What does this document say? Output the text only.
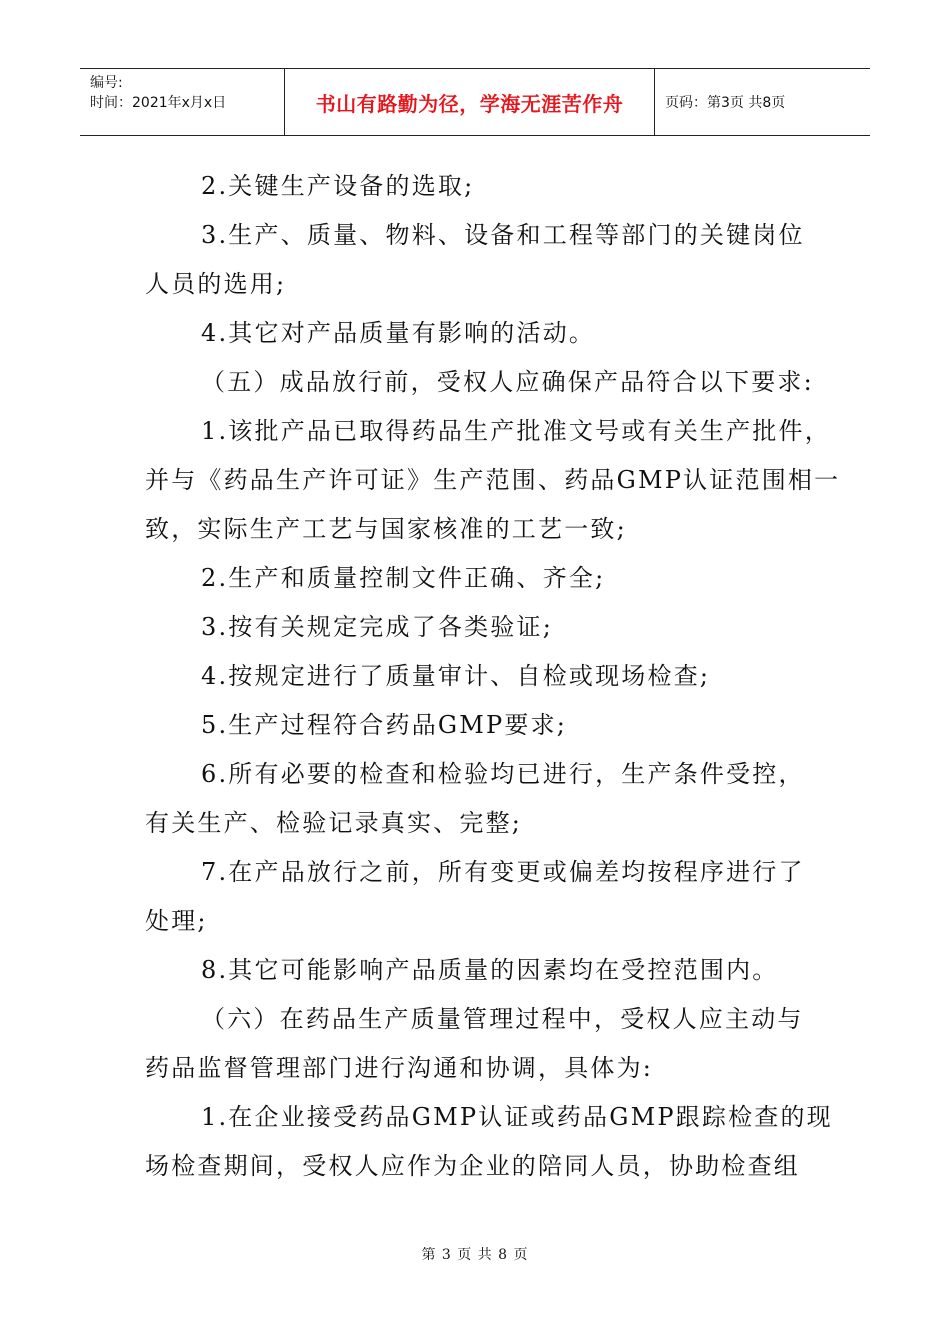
编号:
时间：2021年x月x日	书山有路勤为径，学海无涯苦作舟	页码：第3页 共8页
2.关键生产设备的选取;
3.生产、质量、物料、设备和工程等部门的关键岗位
人员的选用;
4.其它对产品质量有影响的活动。
（五）成品放行前，受权人应确保产品符合以下要求:
1.该批产品已取得药品生产批准文号或有关生产批件，
并与《药品生产许可证》生产范围、药品GMP认证范围相一
致，实际生产工艺与国家核准的工艺一致;
2.生产和质量控制文件正确、齐全;
3.按有关规定完成了各类验证;
4.按规定进行了质量审计、自检或现场检查;
5.生产过程符合药品GMP要求;
6.所有必要的检查和检验均已进行，生产条件受控，
有关生产、检验记录真实、完整;
7.在产品放行之前，所有变更或偏差均按程序进行了
处理;
8.其它可能影响产品质量的因素均在受控范围内。
（六）在药品生产质量管理过程中，受权人应主动与
药品监督管理部门进行沟通和协调，具体为:
1.在企业接受药品GMP认证或药品GMP跟踪检查的现
场检查期间，受权人应作为企业的陪同人员，协助检查组
第 3 页 共 8 页
